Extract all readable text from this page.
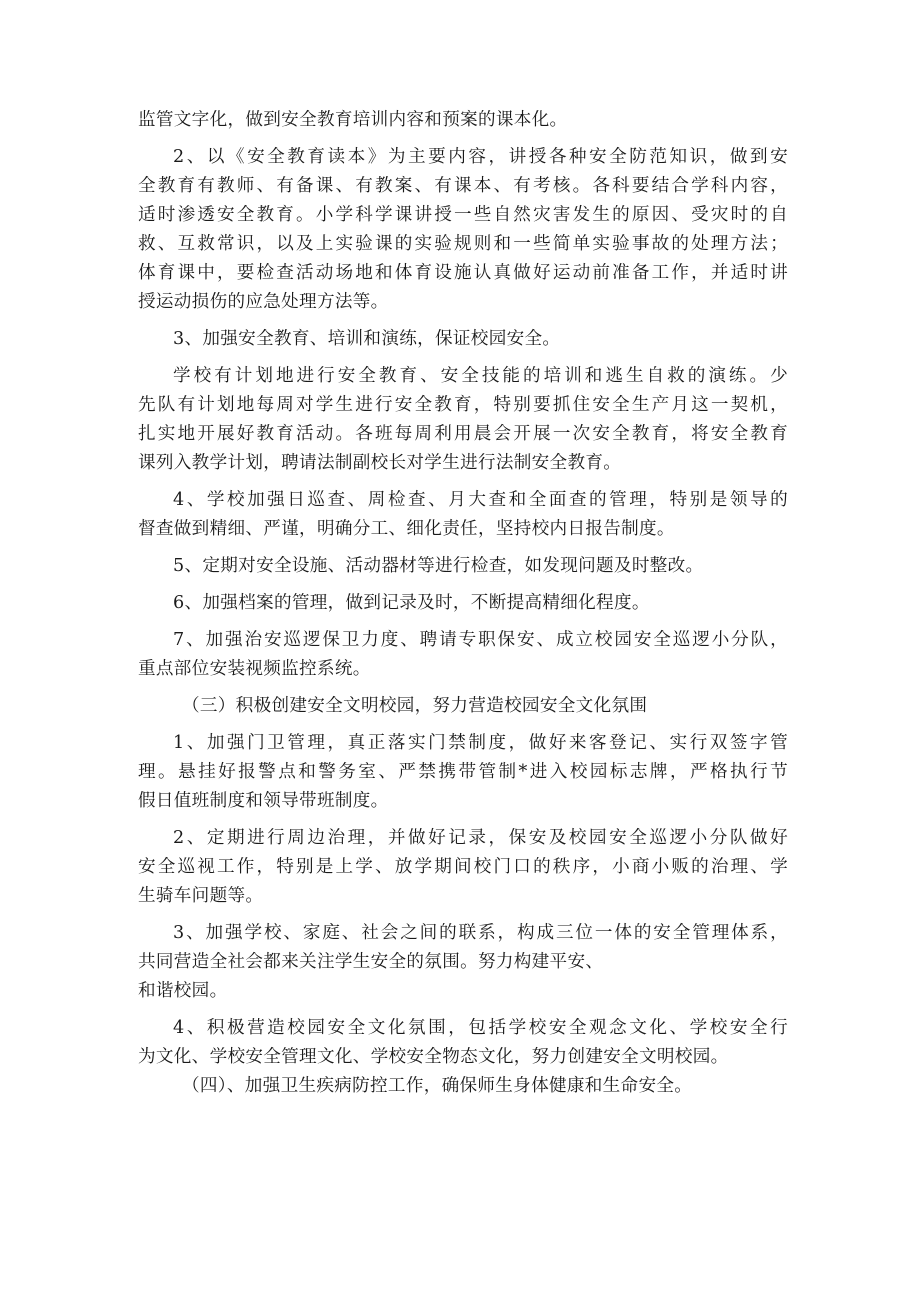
监管文字化，做到安全教育培训内容和预案的课本化。

2、以《安全教育读本》为主要内容，讲授各种安全防范知识，做到安
全教育有教师、有备课、有教案、有课本、有考核。各科要结合学科内容，
适时渗透安全教育。小学科学课讲授一些自然灾害发生的原因、受灾时的自
救、互救常识，以及上实验课的实验规则和一些简单实验事故的处理方法；
体育课中，要检查活动场地和体育设施认真做好运动前准备工作，并适时讲
授运动损伤的应急处理方法等。

3、加强安全教育、培训和演练，保证校园安全。

学校有计划地进行安全教育、安全技能的培训和逃生自救的演练。少
先队有计划地每周对学生进行安全教育，特别要抓住安全生产月这一契机，
扎实地开展好教育活动。各班每周利用晨会开展一次安全教育，将安全教育
课列入教学计划，聘请法制副校长对学生进行法制安全教育。

4、学校加强日巡查、周检查、月大查和全面查的管理，特别是领导的
督查做到精细、严谨，明确分工、细化责任，坚持校内日报告制度。

5、定期对安全设施、活动器材等进行检查，如发现问题及时整改。

6、加强档案的管理，做到记录及时，不断提高精细化程度。

7、加强治安巡逻保卫力度、聘请专职保安、成立校园安全巡逻小分队，
重点部位安装视频监控系统。

（三）积极创建安全文明校园，努力营造校园安全文化氛围

1、加强门卫管理，真正落实门禁制度，做好来客登记、实行双签字管
理。悬挂好报警点和警务室、严禁携带管制*进入校园标志牌，严格执行节
假日值班制度和领导带班制度。

2、定期进行周边治理，并做好记录，保安及校园安全巡逻小分队做好
安全巡视工作，特别是上学、放学期间校门口的秩序，小商小贩的治理、学
生骑车问题等。

3、加强学校、家庭、社会之间的联系，构成三位一体的安全管理体系，
共同营造全社会都来关注学生安全的氛围。努力构建平安、
和谐校园。

4、积极营造校园安全文化氛围，包括学校安全观念文化、学校安全行
为文化、学校安全管理文化、学校安全物态文化，努力创建安全文明校园。

（四）、加强卫生疾病防控工作，确保师生身体健康和生命安全。
